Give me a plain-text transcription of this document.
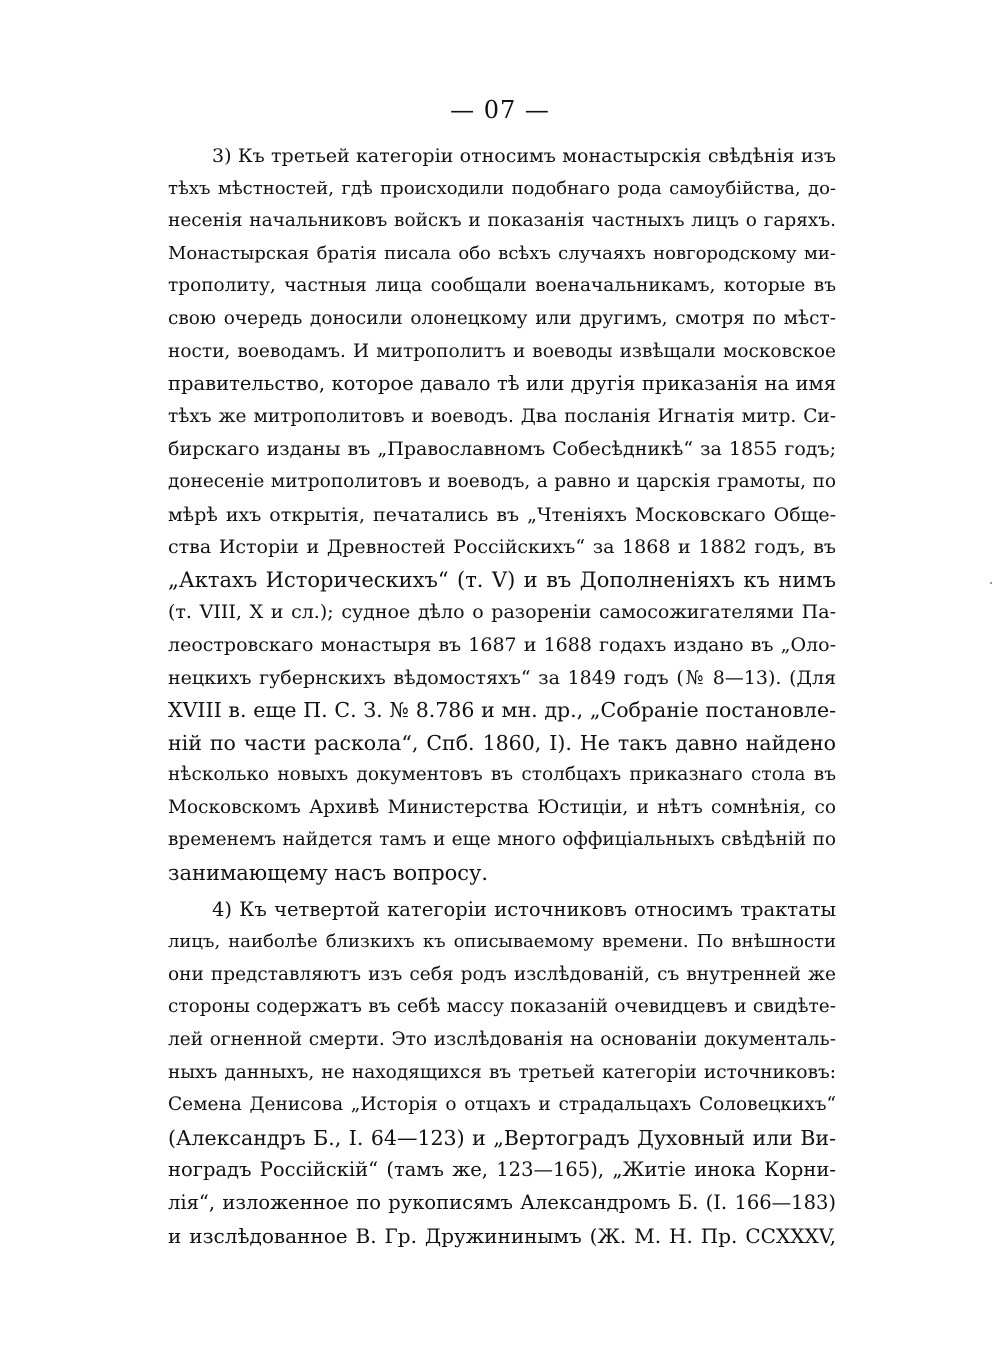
— 07 —
3) Къ третьей категоріи относимъ монастырскія свѣдѣнія изъ
тѣхъ мѣстностей, гдѣ происходили подобнаго рода самоубійства, до-
несенія начальниковъ войскъ и показанія частныхъ лицъ о гаряхъ.
Монастырская братія писала обо всѣхъ случаяхъ новгородскому ми-
трополиту, частныя лица сообщали военачальникамъ, которые въ
свою очередь доносили олонецкому или другимъ, смотря по мѣст-
ности, воеводамъ. И митрополитъ и воеводы извѣщали московское
правительство, которое давало тѣ или другія приказанія на имя
тѣхъ же митрополитовъ и воеводъ. Два посланія Игнатія митр. Си-
бирскаго изданы въ „Православномъ Собесѣдникѣ“ за 1855 годъ;
донесеніе митрополитовъ и воеводъ, а равно и царскія грамоты, по
мѣрѣ ихъ открытія, печатались въ „Чтеніяхъ Московскаго Обще-
ства Исторіи и Древностей Россійскихъ“ за 1868 и 1882 годъ, въ
„Актахъ Историческихъ“ (т. V) и въ Дополненіяхъ къ нимъ
(т. VIII, X и сл.); судное дѣло о разореніи самосожигателями Па-
леостровскаго монастыря въ 1687 и 1688 годахъ издано въ „Оло-
нецкихъ губернскихъ вѣдомостяхъ“ за 1849 годъ (№ 8—13). (Для
XVIII в. еще П. С. З. № 8.786 и мн. др., „Собраніе постановле-
ній по части раскола“, Спб. 1860, I). Не такъ давно найдено
нѣсколько новыхъ документовъ въ столбцахъ приказнаго стола въ
Московскомъ Архивѣ Министерства Юстиціи, и нѣтъ сомнѣнія, со
временемъ найдется тамъ и еще много оффиціальныхъ свѣдѣній по
занимающему насъ вопросу.
4) Къ четвертой категоріи источниковъ относимъ трактаты
лицъ, наиболѣе близкихъ къ описываемому времени. По внѣшности
они представляютъ изъ себя родъ изслѣдованій, съ внутренней же
стороны содержатъ въ себѣ массу показаній очевидцевъ и свидѣте-
лей огненной смерти. Это изслѣдованія на основаніи документаль-
ныхъ данныхъ, не находящихся въ третьей категоріи источниковъ:
Семена Денисова „Исторія о отцахъ и страдальцахъ Соловецкихъ“
(Александръ Б., I. 64—123) и „Вертоградъ Духовный или Ви-
ноградъ Россійскій“ (тамъ же, 123—165), „Житіе инока Корни-
лія“, изложенное по рукописямъ Александромъ Б. (I. 166—183)
и изслѣдованное В. Гр. Дружининымъ (Ж. М. Н. Пр. CCXXXV,
